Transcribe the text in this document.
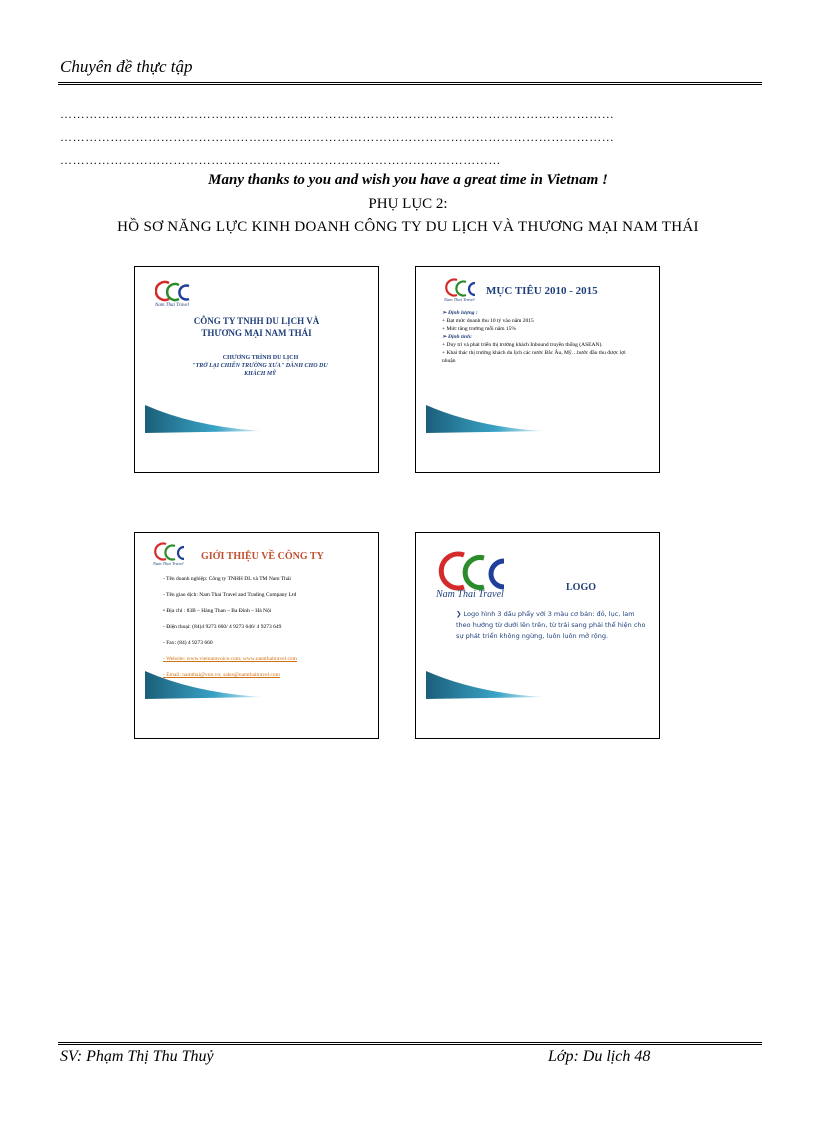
Chuyên đề thực tập
……………………………………………………………………………………………………………………
……………………………………………………………………………………………………………………
……………………………………………………………………………………………
Many thanks to you and wish you have a great time in Vietnam !
PHỤ LỤC 2:
HỒ SƠ NĂNG LỰC KINH DOANH CÔNG TY DU LỊCH VÀ THƯƠNG MẠI NAM THÁI
Nam Thai Travel
CÔNG TY TNHH DU LỊCH VÀ
THƯƠNG MẠI NAM THÁI
CHƯƠNG TRÌNH DU LỊCH
"TRỞ LẠI CHIẾN TRƯỜNG XƯA" DÀNH CHO DU
KHÁCH MỸ
Nam Thai Travel
MỤC TIÊU 2010 - 2015
➢ Định lượng :
+ Đạt mức doanh thu 10 tỷ vào năm 2015
+ Mức tăng trưởng mỗi năm 15%
➢ Định tính:
+ Duy trì và phát triển thị trường khách Inbound truyền thống (ASEAN).
+ Khai thác thị trường khách du lịch các nước Bắc Âu, Mỹ…bước đầu thu được lợi nhuận
Nam Thai Travel
GIỚI THIỆU VỀ CÔNG TY
- Tên doanh nghiệp: Công ty TNHH DL và TM Nam Thái
- Tên giao dịch: Nam Thai Travel and Trading Company Ltd
• Địa chỉ : 83B – Hàng Than – Ba Đình – Hà Nội
- Điện thoại: (84)4 9273 660/ 4 9273 646/ 4 9273 649
- Fax: (84) 4 9273 660
- Website: www.vietnamvoice.com; www.namthaitravel.com
- Email: namthai@vnn.vn; sales@namthaitravel.com
Nam Thai Travel
LOGO
❯ Logo hình 3 dấu phẩy với 3 màu cơ bản: đỏ, lục, lam theo hướng từ dưới lên trên, từ trái sang phải thể hiện cho sự phát triển không ngừng, luôn luôn mở rộng.
SV: Phạm Thị Thu Thuỷ	Lớp: Du lịch 48
